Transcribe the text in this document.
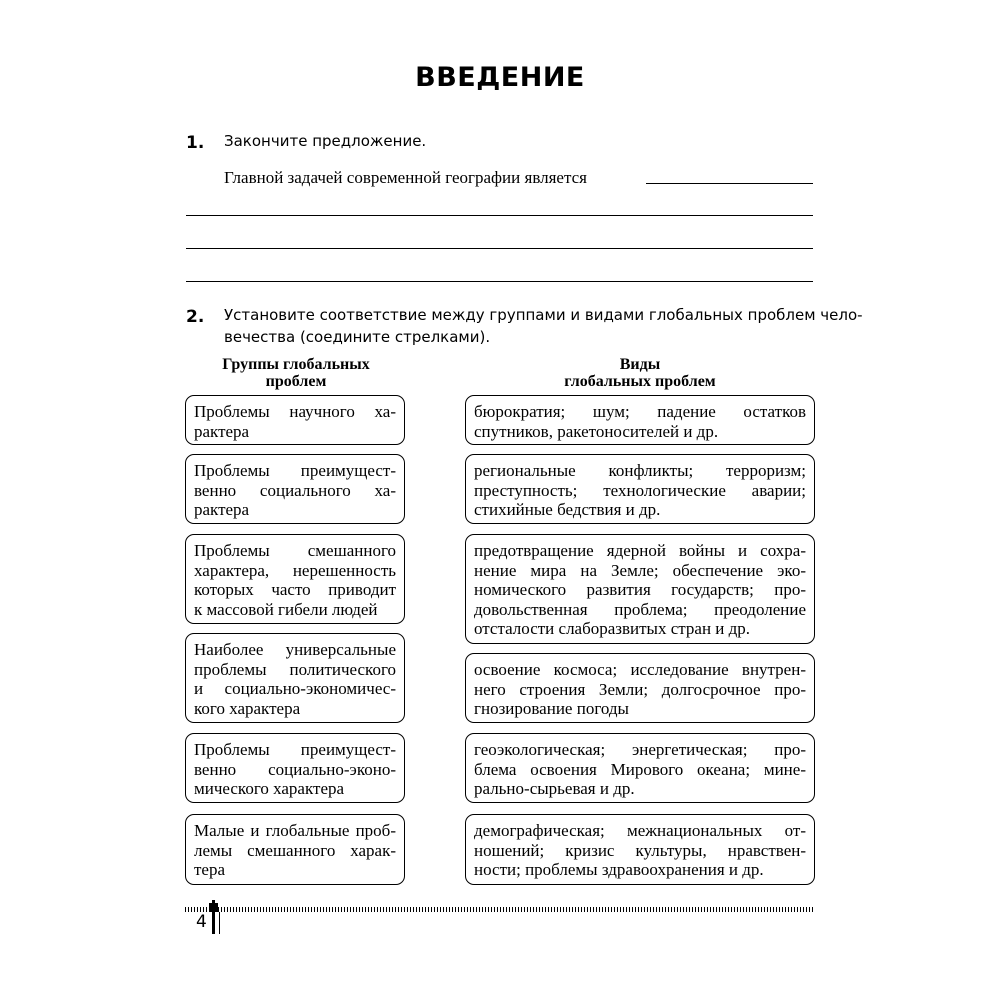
ВВЕДЕНИЕ
1. Закончите предложение.
Главной задачей современной географии является
2. Установите соответствие между группами и видами глобальных проблем чело-
вечества (соедините стрелками).
Группы глобальных
проблем
Виды
глобальных проблем
Проблемы научного ха-
рактера
Проблемы преимущест-
венно социального ха-
рактера
Проблемы смешанного
характера, нерешенность
которых часто приводит
к массовой гибели людей
Наиболее универсальные
проблемы политического
и социально-экономичес-
кого характера
Проблемы преимущест-
венно социально-эконо-
мического характера
Малые и глобальные проб-
лемы смешанного харак-
тера
бюрократия; шум; падение остатков
спутников, ракетоносителей и др.
региональные конфликты; терроризм;
преступность; технологические аварии;
стихийные бедствия и др.
предотвращение ядерной войны и сохра-
нение мира на Земле; обеспечение эко-
номического развития государств; про-
довольственная проблема; преодоление
отсталости слаборазвитых стран и др.
освоение космоса; исследование внутрен-
него строения Земли; долгосрочное про-
гнозирование погоды
геоэкологическая; энергетическая; про-
блема освоения Мирового океана; мине-
рально-сырьевая и др.
демографическая; межнациональных от-
ношений; кризис культуры, нравствен-
ности; проблемы здравоохранения и др.
4
